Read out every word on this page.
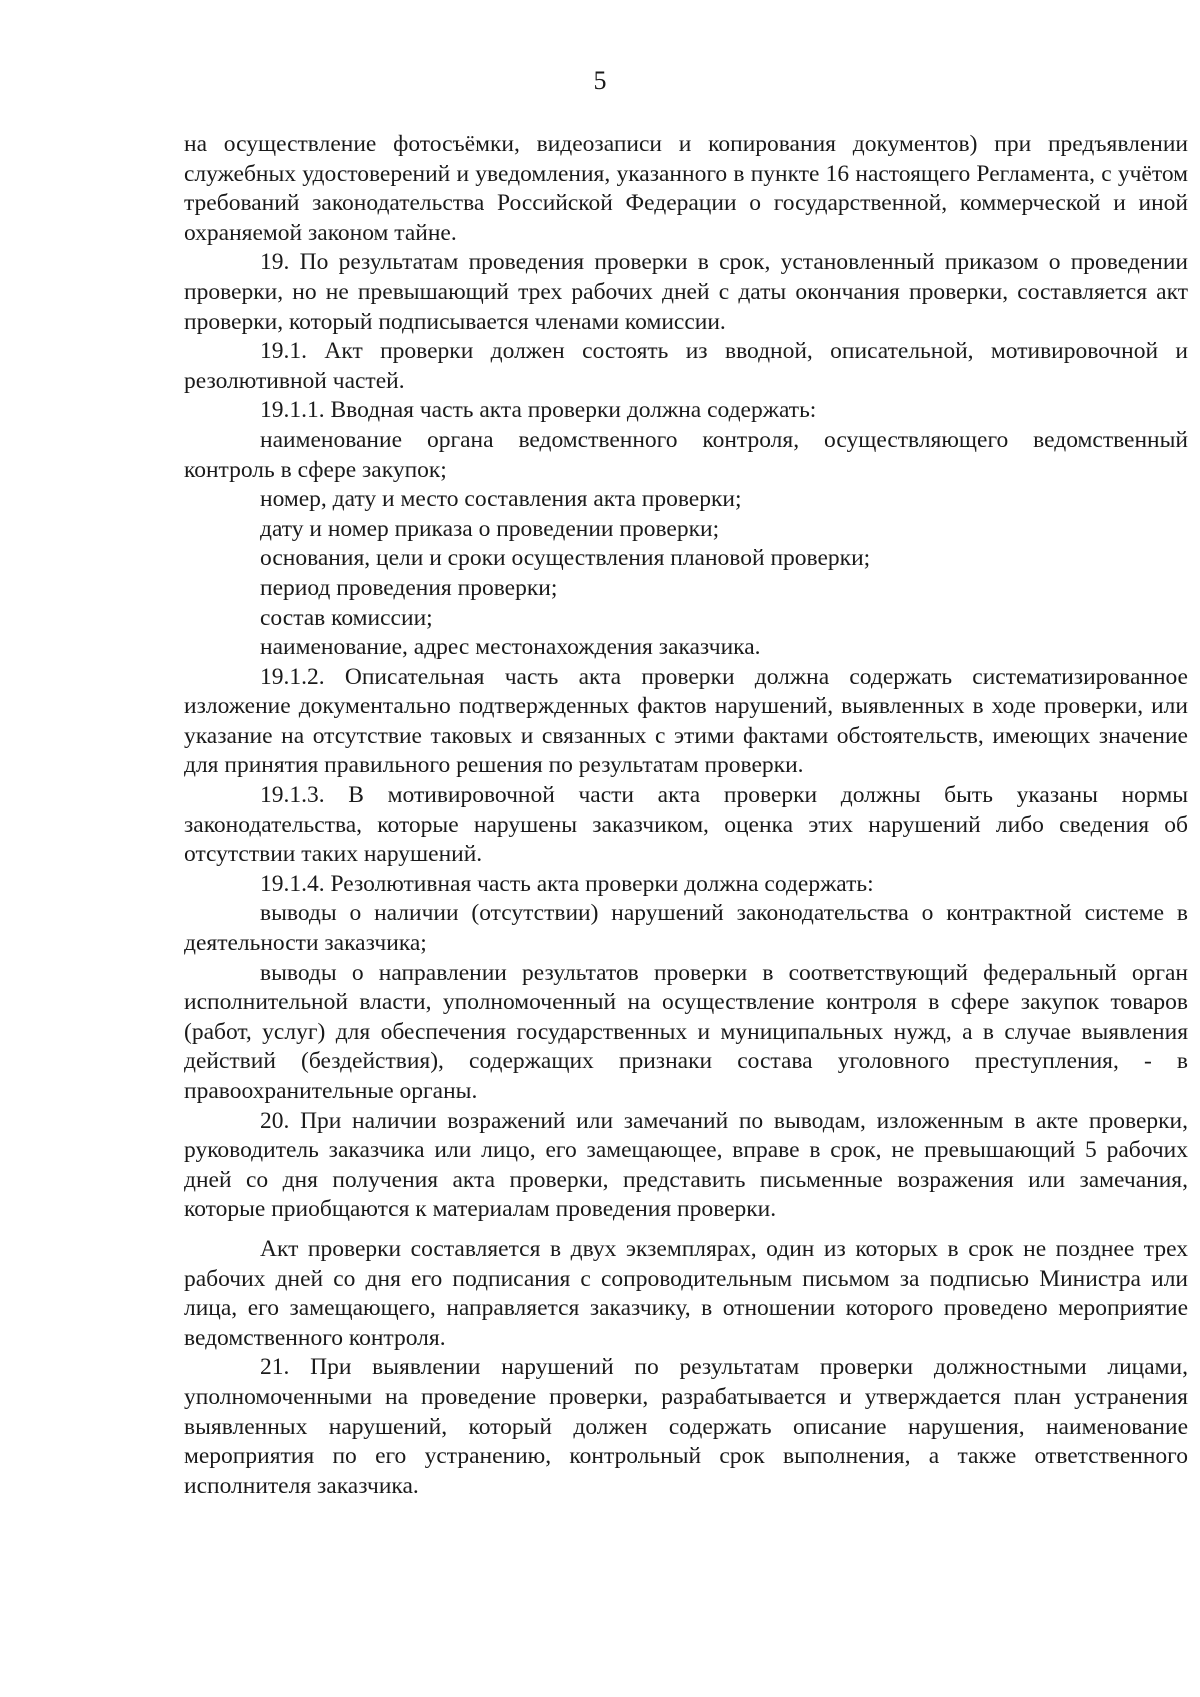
5

на осуществление фотосъёмки, видеозаписи и копирования документов) при предъявлении служебных удостоверений и уведомления, указанного в пункте 16 настоящего Регламента, с учётом требований законодательства Российской Федерации о государственной, коммерческой и иной охраняемой законом тайне.

19. По результатам проведения проверки в срок, установленный приказом о проведении проверки, но не превышающий трех рабочих дней с даты окончания проверки, составляется акт проверки, который подписывается членами комиссии.

19.1. Акт проверки должен состоять из вводной, описательной, мотивировочной и резолютивной частей.

19.1.1. Вводная часть акта проверки должна содержать:

наименование органа ведомственного контроля, осуществляющего ведомственный контроль в сфере закупок;

номер, дату и место составления акта проверки;

дату и номер приказа о проведении проверки;

основания, цели и сроки осуществления плановой проверки;

период проведения проверки;

состав комиссии;

наименование, адрес местонахождения заказчика.

19.1.2. Описательная часть акта проверки должна содержать систематизированное изложение документально подтвержденных фактов нарушений, выявленных в ходе проверки, или указание на отсутствие таковых и связанных с этими фактами обстоятельств, имеющих значение для принятия правильного решения по результатам проверки.

19.1.3. В мотивировочной части акта проверки должны быть указаны нормы законодательства, которые нарушены заказчиком, оценка этих нарушений либо сведения об отсутствии таких нарушений.

19.1.4. Резолютивная часть акта проверки должна содержать:

выводы о наличии (отсутствии) нарушений законодательства о контрактной системе в деятельности заказчика;

выводы о направлении результатов проверки в соответствующий федеральный орган исполнительной власти, уполномоченный на осуществление контроля в сфере закупок товаров (работ, услуг) для обеспечения государственных и муниципальных нужд, а в случае выявления действий (бездействия), содержащих признаки состава уголовного преступления, - в правоохранительные органы.

20. При наличии возражений или замечаний по выводам, изложенным в акте проверки, руководитель заказчика или лицо, его замещающее, вправе в срок, не превышающий 5 рабочих дней со дня получения акта проверки, представить письменные возражения или замечания, которые приобщаются к материалам проведения проверки.

Акт проверки составляется в двух экземплярах, один из которых в срок не позднее трех рабочих дней со дня его подписания с сопроводительным письмом за подписью Министра или лица, его замещающего, направляется заказчику, в отношении которого проведено мероприятие ведомственного контроля.

21. При выявлении нарушений по результатам проверки должностными лицами, уполномоченными на проведение проверки, разрабатывается и утверждается план устранения выявленных нарушений, который должен содержать описание нарушения, наименование мероприятия по его устранению, контрольный срок выполнения, а также ответственного исполнителя заказчика.
